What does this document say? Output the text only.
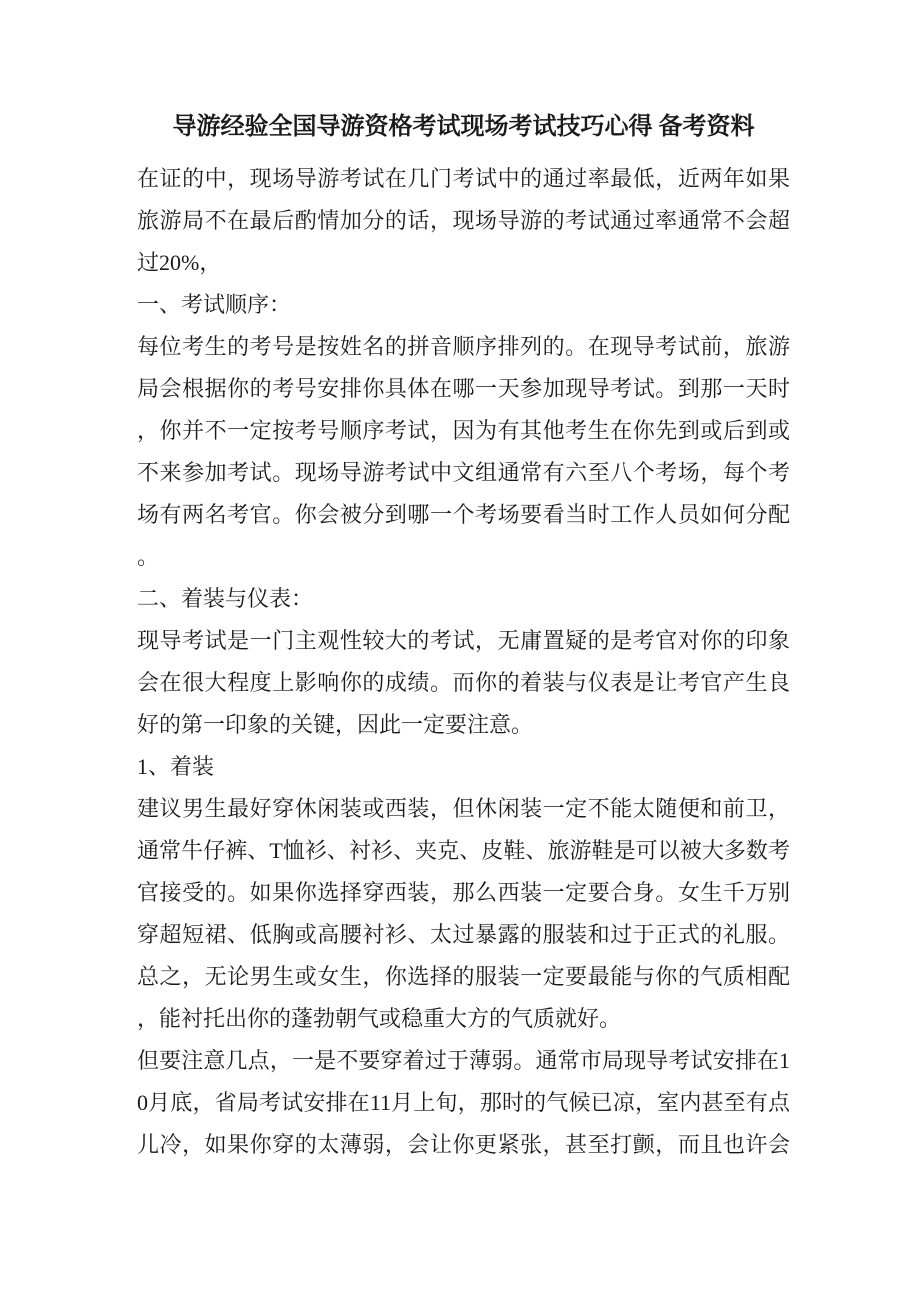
导游经验全国导游资格考试现场考试技巧心得 备考资料
在证的中，现场导游考试在几门考试中的通过率最低，近两年如果
旅游局不在最后酌情加分的话，现场导游的考试通过率通常不会超
过20%，
一、考试顺序：
每位考生的考号是按姓名的拼音顺序排列的。在现导考试前，旅游
局会根据你的考号安排你具体在哪一天参加现导考试。到那一天时
，你并不一定按考号顺序考试，因为有其他考生在你先到或后到或
不来参加考试。现场导游考试中文组通常有六至八个考场，每个考
场有两名考官。你会被分到哪一个考场要看当时工作人员如何分配
。
二、着装与仪表：
现导考试是一门主观性较大的考试，无庸置疑的是考官对你的印象
会在很大程度上影响你的成绩。而你的着装与仪表是让考官产生良
好的第一印象的关键，因此一定要注意。
1、着装
建议男生最好穿休闲装或西装，但休闲装一定不能太随便和前卫，
通常牛仔裤、T恤衫、衬衫、夹克、皮鞋、旅游鞋是可以被大多数考
官接受的。如果你选择穿西装，那么西装一定要合身。女生千万别
穿超短裙、低胸或高腰衬衫、太过暴露的服装和过于正式的礼服。
总之，无论男生或女生，你选择的服装一定要最能与你的气质相配
，能衬托出你的蓬勃朝气或稳重大方的气质就好。
但要注意几点，一是不要穿着过于薄弱。通常市局现导考试安排在1
0月底，省局考试安排在11月上旬，那时的气候已凉，室内甚至有点
儿冷，如果你穿的太薄弱，会让你更紧张，甚至打颤，而且也许会
